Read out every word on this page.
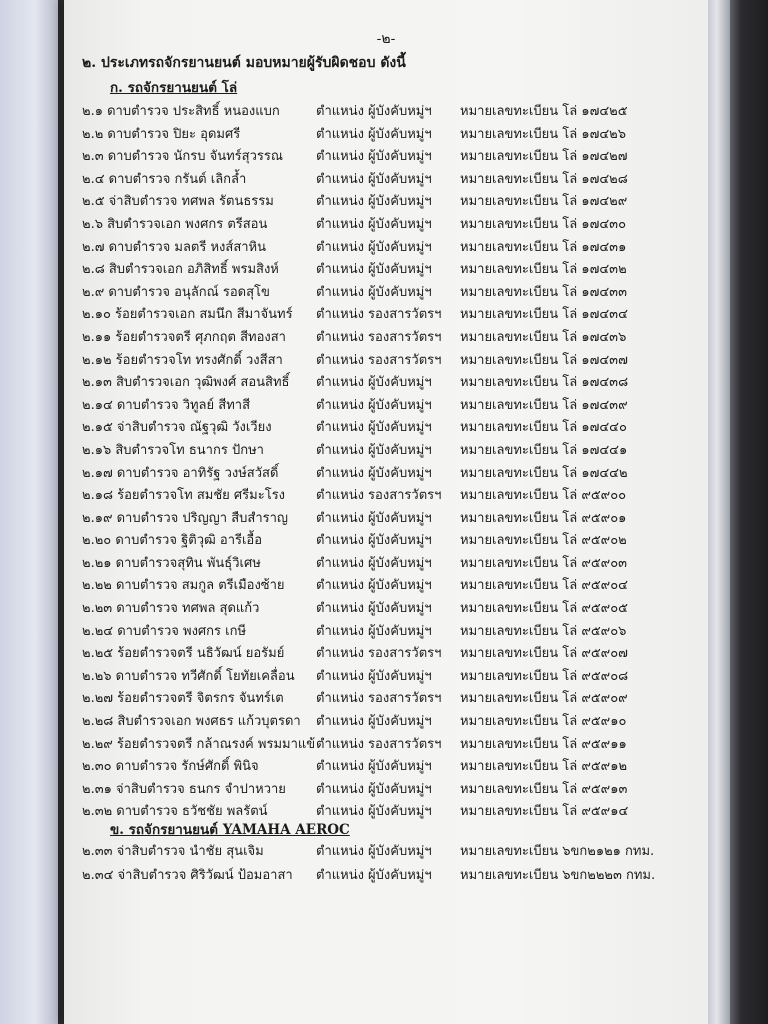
-๒-
๒. ประเภทรถจักรยานยนต์ มอบหมายผู้รับผิดชอบ ดังนี้
ก. รถจักรยานยนต์ โล่
๒.๑ ดาบตำรวจ ประสิทธิ์ หนองแบก	ตำแหน่ง ผู้บังคับหมู่ฯ หมายเลขทะเบียน โล่ ๑๗๔๒๕
๒.๒ ดาบตำรวจ ปิยะ อุดมศรี	ตำแหน่ง ผู้บังคับหมู่ฯ หมายเลขทะเบียน โล่ ๑๗๔๒๖
๒.๓ ดาบตำรวจ นักรบ จันทร์สุวรรณ	ตำแหน่ง ผู้บังคับหมู่ฯ หมายเลขทะเบียน โล่ ๑๗๔๒๗
๒.๔ ดาบตำรวจ กรันต์ เลิกล้ำ	ตำแหน่ง ผู้บังคับหมู่ฯ หมายเลขทะเบียน โล่ ๑๗๔๒๘
๒.๕ จ่าสิบตำรวจ ทศพล รัตนธรรม	ตำแหน่ง ผู้บังคับหมู่ฯ หมายเลขทะเบียน โล่ ๑๗๔๒๙
๒.๖ สิบตำรวจเอก พงศกร ตรีสอน	ตำแหน่ง ผู้บังคับหมู่ฯ หมายเลขทะเบียน โล่ ๑๗๔๓๐
๒.๗ ดาบตำรวจ มลตรี หงส์สาหิน	ตำแหน่ง ผู้บังคับหมู่ฯ หมายเลขทะเบียน โล่ ๑๗๔๓๑
๒.๘ สิบตำรวจเอก อภิสิทธิ์ พรมสิงห์	ตำแหน่ง ผู้บังคับหมู่ฯ หมายเลขทะเบียน โล่ ๑๗๔๓๒
๒.๙ ดาบตำรวจ อนุลักณ์ รอดสุโข	ตำแหน่ง ผู้บังคับหมู่ฯ หมายเลขทะเบียน โล่ ๑๗๔๓๓
๒.๑๐ ร้อยตำรวจเอก สมนึก สีมาจันทร์ ตำแหน่ง รองสารวัตรฯ หมายเลขทะเบียน โล่ ๑๗๔๓๔
๒.๑๑ ร้อยตำรวจตรี ศุภกฤต สีทองสา ตำแหน่ง รองสารวัตรฯ หมายเลขทะเบียน โล่ ๑๗๔๓๖
๒.๑๒ ร้อยตำรวจโท ทรงศักดิ์ วงสีสา	ตำแหน่ง รองสารวัตรฯ หมายเลขทะเบียน โล่ ๑๗๔๓๗
๒.๑๓ สิบตำรวจเอก วุฒิพงศ์ สอนสิทธิ์ ตำแหน่ง ผู้บังคับหมู่ฯ หมายเลขทะเบียน โล่ ๑๗๔๓๘
๒.๑๔ ดาบตำรวจ วิทูลย์ สีทาสี	ตำแหน่ง ผู้บังคับหมู่ฯ หมายเลขทะเบียน โล่ ๑๗๔๓๙
๒.๑๕ จ่าสิบตำรวจ ณัฐวุฒิ วังเวียง	ตำแหน่ง ผู้บังคับหมู่ฯ หมายเลขทะเบียน โล่ ๑๗๔๔๐
๒.๑๖ สิบตำรวจโท ธนากร ปักษา	ตำแหน่ง ผู้บังคับหมู่ฯ หมายเลขทะเบียน โล่ ๑๗๔๔๑
๒.๑๗ ดาบตำรวจ อาทิรัฐ วงษ์สวัสดิ์	ตำแหน่ง ผู้บังคับหมู่ฯ หมายเลขทะเบียน โล่ ๑๗๔๔๒
๒.๑๘ ร้อยตำรวจโท สมชัย ศรีมะโรง ตำแหน่ง รองสารวัตรฯ หมายเลขทะเบียน โล่ ๙๕๙๐๐
๒.๑๙ ดาบตำรวจ ปริญญา สืบสำราญ ตำแหน่ง ผู้บังคับหมู่ฯ หมายเลขทะเบียน โล่ ๙๕๙๐๑
๒.๒๐ ดาบตำรวจ ฐิติวุฒิ อารีเอื้อ	ตำแหน่ง ผู้บังคับหมู่ฯ หมายเลขทะเบียน โล่ ๙๕๙๐๒
๒.๒๑ ดาบตำรวจสุทิน พันธุ์วิเศษ	ตำแหน่ง ผู้บังคับหมู่ฯ หมายเลขทะเบียน โล่ ๙๕๙๐๓
๒.๒๒ ดาบตำรวจ สมกูล ตรีเมืองซ้าย ตำแหน่ง ผู้บังคับหมู่ฯ หมายเลขทะเบียน โล่ ๙๕๙๐๔
๒.๒๓ ดาบตำรวจ ทศพล สุดแก้ว	ตำแหน่ง ผู้บังคับหมู่ฯ หมายเลขทะเบียน โล่ ๙๕๙๐๕
๒.๒๔ ดาบตำรวจ พงศกร เกษี	ตำแหน่ง ผู้บังคับหมู่ฯ หมายเลขทะเบียน โล่ ๙๕๙๐๖
๒.๒๕ ร้อยตำรวจตรี นธิวัฒน์ ยอรัมย์ ตำแหน่ง รองสารวัตรฯ หมายเลขทะเบียน โล่ ๙๕๙๐๗
๒.๒๖ ดาบตำรวจ ทวีศักดิ์ โยทัยเคลื่อน ตำแหน่ง ผู้บังคับหมู่ฯ หมายเลขทะเบียน โล่ ๙๕๙๐๘
๒.๒๗ ร้อยตำรวจตรี จิตรกร จันทร์เต ตำแหน่ง รองสารวัตรฯ หมายเลขทะเบียน โล่ ๙๕๙๐๙
๒.๒๘ สิบตำรวจเอก พงศธร แก้วบุตรดา ตำแหน่ง ผู้บังคับหมู่ฯ หมายเลขทะเบียน โล่ ๙๕๙๑๐
๒.๒๙ ร้อยตำรวจตรี กล้าณรงค์ พรมมาแข้ ตำแหน่ง รองสารวัตรฯ หมายเลขทะเบียน โล่ ๙๕๙๑๑
๒.๓๐ ดาบตำรวจ รักษ์ศักดิ์ พินิจ	ตำแหน่ง ผู้บังคับหมู่ฯ หมายเลขทะเบียน โล่ ๙๕๙๑๒
๒.๓๑ จ่าสิบตำรวจ ธนกร จำปาหวาย ตำแหน่ง ผู้บังคับหมู่ฯ หมายเลขทะเบียน โล่ ๙๕๙๑๓
๒.๓๒ ดาบตำรวจ ธวัชชัย พลรัตน์	ตำแหน่ง ผู้บังคับหมู่ฯ หมายเลขทะเบียน โล่ ๙๕๙๑๔
ข. รถจักรยานยนต์ YAMAHA AEROC
๒.๓๓ จ่าสิบตำรวจ นำชัย สุนเจิม	ตำแหน่ง ผู้บังคับหมู่ฯ หมายเลขทะเบียน ๖ขก๒๑๒๑ กทม.
๒.๓๔ จ่าสิบตำรวจ ศิริวัฒน์ ป้อมอาสา ตำแหน่ง ผู้บังคับหมู่ฯ หมายเลขทะเบียน ๖ขก๒๒๒๓ กทม.
